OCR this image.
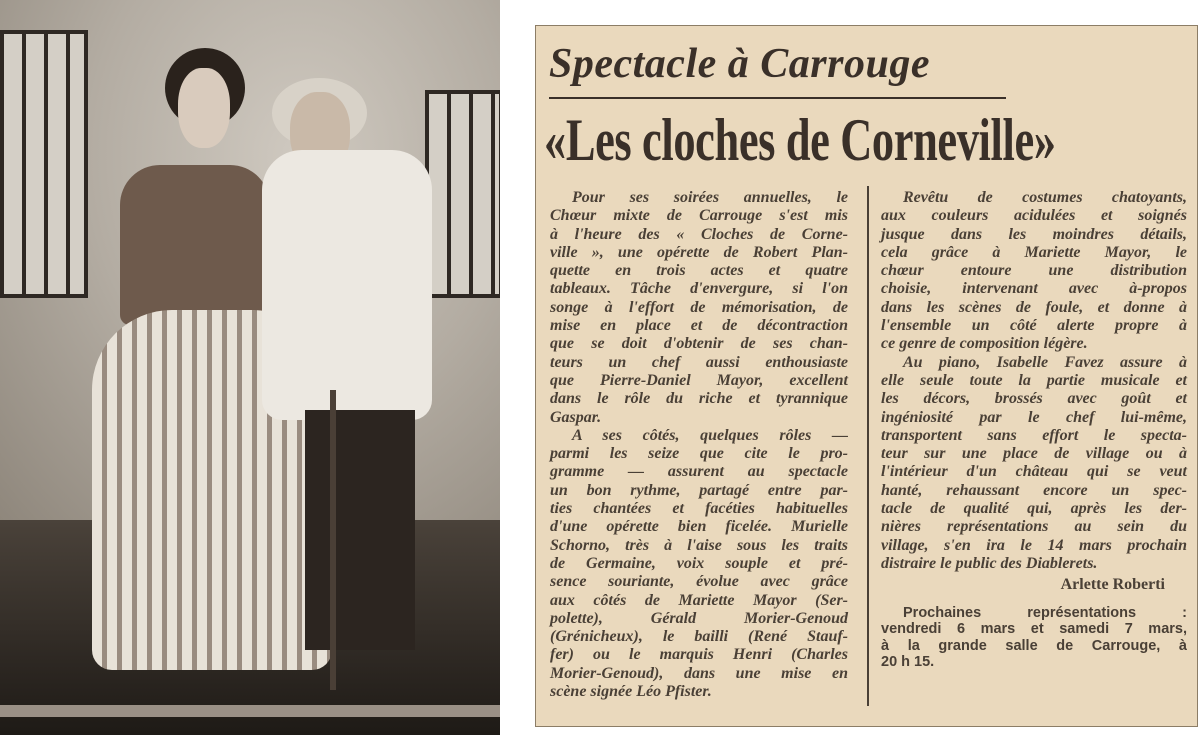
Spectacle à Carrouge
«Les cloches de Corneville»
Pour ses soirées annuelles, le
Chœur mixte de Carrouge s'est mis
à l'heure des « Cloches de Corne-
ville », une opérette de Robert Plan-
quette en trois actes et quatre
tableaux. Tâche d'envergure, si l'on
songe à l'effort de mémorisation, de
mise en place et de décontraction
que se doit d'obtenir de ses chan-
teurs un chef aussi enthousiaste
que Pierre-Daniel Mayor, excellent
dans le rôle du riche et tyrannique
Gaspar.
A ses côtés, quelques rôles —
parmi les seize que cite le pro-
gramme — assurent au spectacle
un bon rythme, partagé entre par-
ties chantées et facéties habituelles
d'une opérette bien ficelée. Murielle
Schorno, très à l'aise sous les traits
de Germaine, voix souple et pré-
sence souriante, évolue avec grâce
aux côtés de Mariette Mayor (Ser-
polette), Gérald Morier-Genoud
(Grénicheux), le bailli (René Stauf-
fer) ou le marquis Henri (Charles
Morier-Genoud), dans une mise en
scène signée Léo Pfister.
Revêtu de costumes chatoyants,
aux couleurs acidulées et soignés
jusque dans les moindres détails,
cela grâce à Mariette Mayor, le
chœur entoure une distribution
choisie, intervenant avec à-propos
dans les scènes de foule, et donne à
l'ensemble un côté alerte propre à
ce genre de composition légère.
Au piano, Isabelle Favez assure à
elle seule toute la partie musicale et
les décors, brossés avec goût et
ingéniosité par le chef lui-même,
transportent sans effort le specta-
teur sur une place de village ou à
l'intérieur d'un château qui se veut
hanté, rehaussant encore un spec-
tacle de qualité qui, après les der-
nières représentations au sein du
village, s'en ira le 14 mars prochain
distraire le public des Diablerets.
Arlette Roberti
Prochaines représentations :
vendredi 6 mars et samedi 7 mars,
à la grande salle de Carrouge, à
20 h 15.
